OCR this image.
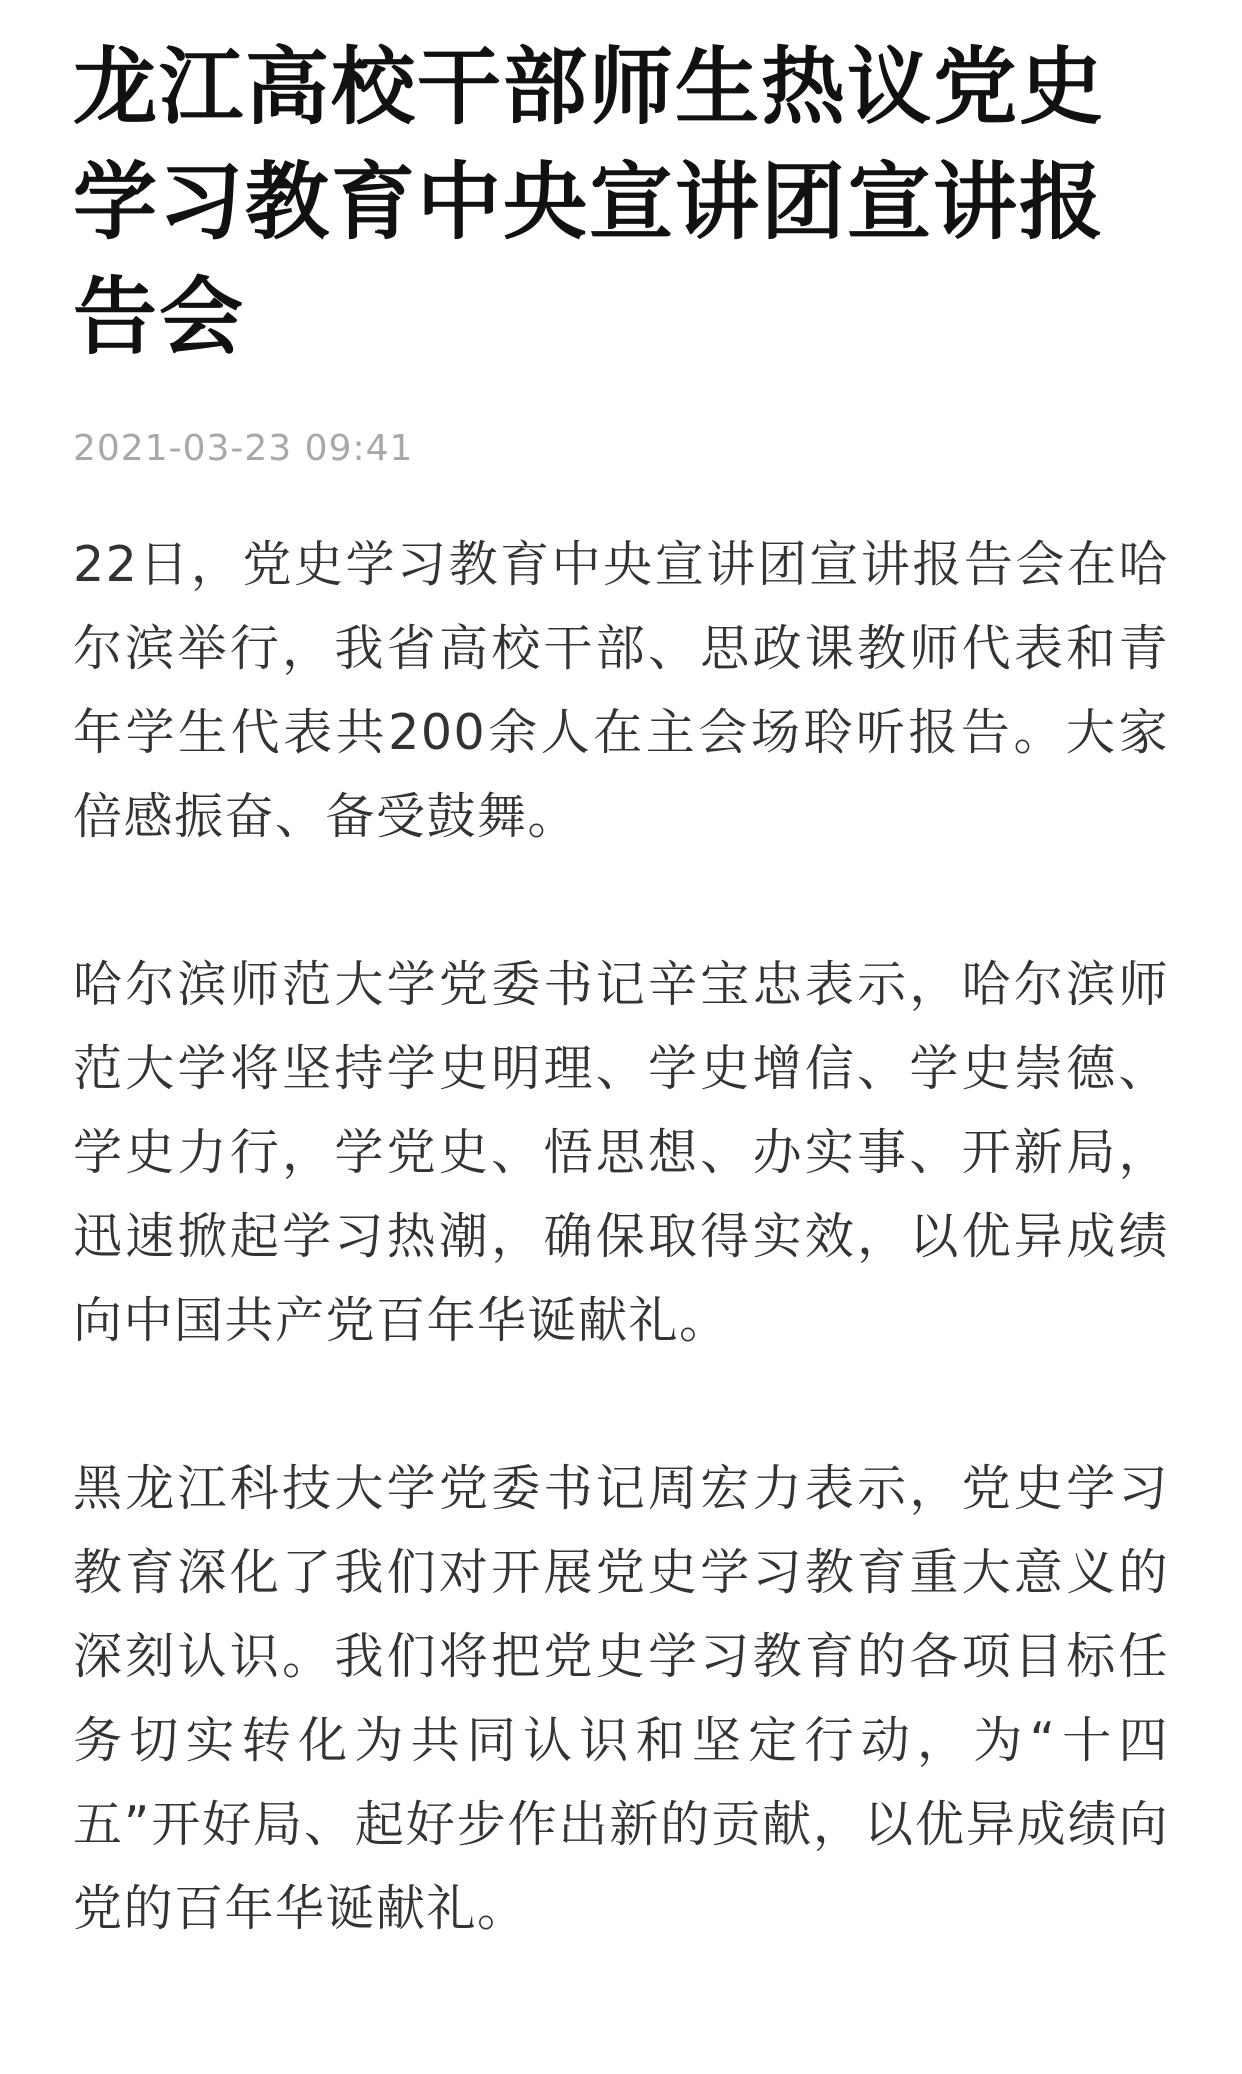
龙江高校干部师生热议党史学习教育中央宣讲团宣讲报告会
2021-03-23 09:41

22日，党史学习教育中央宣讲团宣讲报告会在哈尔滨举行，我省高校干部、思政课教师代表和青年学生代表共200余人在主会场聆听报告。大家倍感振奋、备受鼓舞。

哈尔滨师范大学党委书记辛宝忠表示，哈尔滨师范大学将坚持学史明理、学史增信、学史崇德、学史力行，学党史、悟思想、办实事、开新局，迅速掀起学习热潮，确保取得实效，以优异成绩向中国共产党百年华诞献礼。

黑龙江科技大学党委书记周宏力表示，党史学习教育深化了我们对开展党史学习教育重大意义的深刻认识。我们将把党史学习教育的各项目标任务切实转化为共同认识和坚定行动，为“十四五”开好局、起好步作出新的贡献，以优异成绩向党的百年华诞献礼。
